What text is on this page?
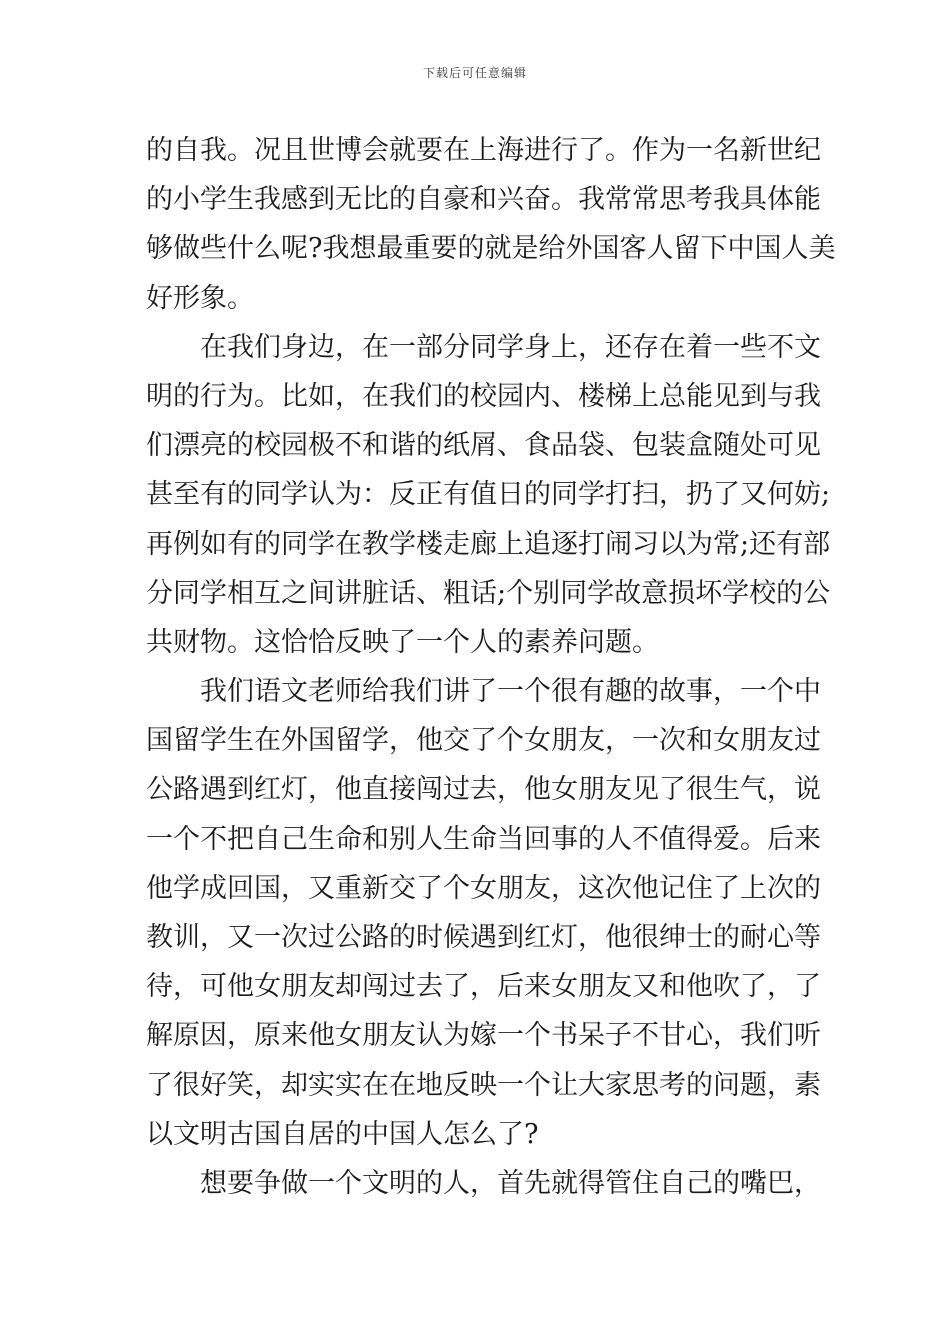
下载后可任意编辑
的自我。况且世博会就要在上海进行了。作为一名新世纪
的小学生我感到无比的自豪和兴奋。我常常思考我具体能
够做些什么呢?我想最重要的就是给外国客人留下中国人美
好形象。
在我们身边，在一部分同学身上，还存在着一些不文
明的行为。比如，在我们的校园内、楼梯上总能见到与我
们漂亮的校园极不和谐的纸屑、食品袋、包装盒随处可见
甚至有的同学认为：反正有值日的同学打扫，扔了又何妨;
再例如有的同学在教学楼走廊上追逐打闹习以为常;还有部
分同学相互之间讲脏话、粗话;个别同学故意损坏学校的公
共财物。这恰恰反映了一个人的素养问题。
我们语文老师给我们讲了一个很有趣的故事，一个中
国留学生在外国留学，他交了个女朋友，一次和女朋友过
公路遇到红灯，他直接闯过去，他女朋友见了很生气，说
一个不把自己生命和别人生命当回事的人不值得爱。后来
他学成回国，又重新交了个女朋友，这次他记住了上次的
教训，又一次过公路的时候遇到红灯，他很绅士的耐心等
待，可他女朋友却闯过去了，后来女朋友又和他吹了，了
解原因，原来他女朋友认为嫁一个书呆子不甘心，我们听
了很好笑，却实实在在地反映一个让大家思考的问题，素
以文明古国自居的中国人怎么了?
想要争做一个文明的人，首先就得管住自己的嘴巴，
